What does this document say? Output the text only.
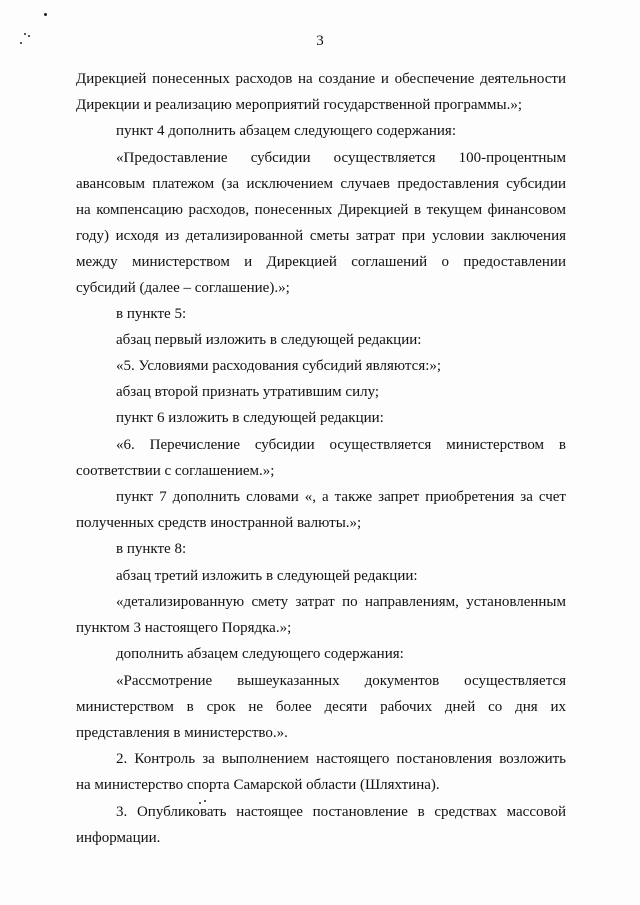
3
Дирекцией понесенных расходов на создание и обеспечение деятельности
Дирекции и реализацию мероприятий государственной программы.»;
пункт 4 дополнить абзацем следующего содержания:
«Предоставление субсидии осуществляется 100-процентным
авансовым платежом (за исключением случаев предоставления субсидии
на компенсацию расходов, понесенных Дирекцией в текущем финансовом
году) исходя из детализированной сметы затрат при условии заключения
между министерством и Дирекцией соглашений о предоставлении
субсидий (далее – соглашение).»;
в пункте 5:
абзац первый изложить в следующей редакции:
«5. Условиями расходования субсидий являются:»;
абзац второй признать утратившим силу;
пункт 6 изложить в следующей редакции:
«6. Перечисление субсидии осуществляется министерством в
соответствии с соглашением.»;
пункт 7 дополнить словами «, а также запрет приобретения за счет
полученных средств иностранной валюты.»;
в пункте 8:
абзац третий изложить в следующей редакции:
«детализированную смету затрат по направлениям, установленным
пунктом 3 настоящего Порядка.»;
дополнить абзацем следующего содержания:
«Рассмотрение вышеуказанных документов осуществляется
министерством в срок не более десяти рабочих дней со дня их
представления в министерство.».
2. Контроль за выполнением настоящего постановления возложить
на министерство спорта Самарской области (Шляхтина).
3. Опубликовать настоящее постановление в средствах массовой
информации.
